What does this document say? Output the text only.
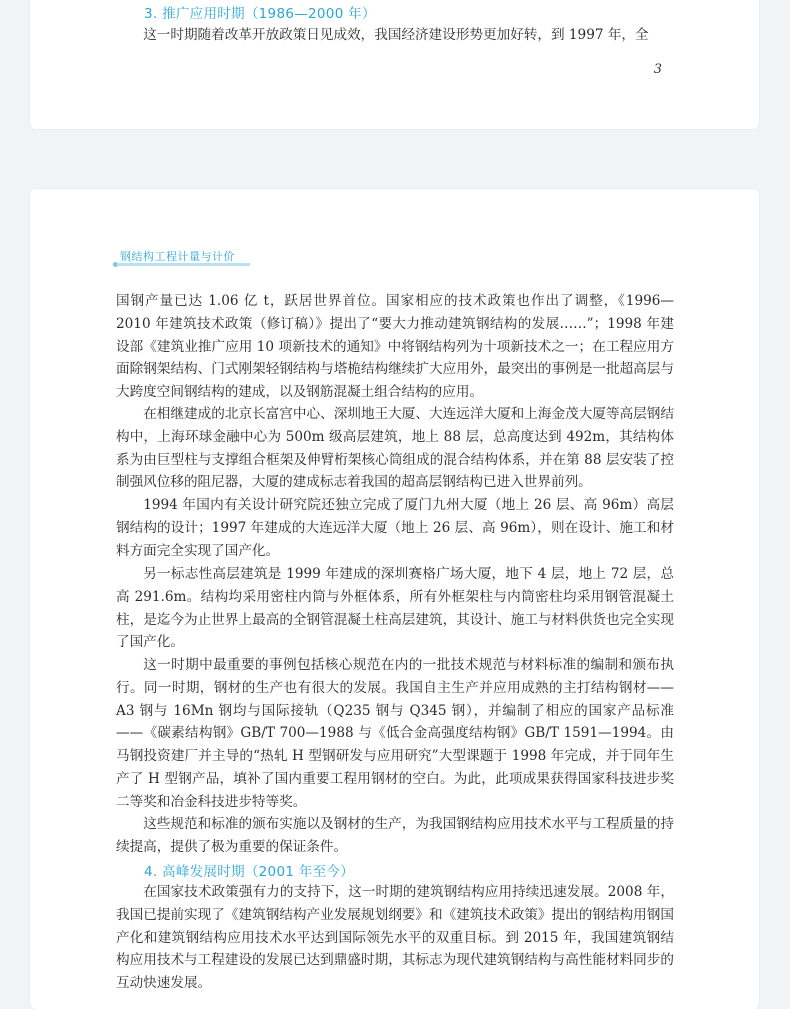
3. 推广应用时期（1986—2000 年）

这一时期随着改革开放政策日见成效，我国经济建设形势更加好转，到 1997 年，全

3
钢结构工程计量与计价

国钢产量已达 1.06 亿 t，跃居世界首位。国家相应的技术政策也作出了调整，《1996—2010 年建筑技术政策（修订稿）》提出了“要大力推动建筑钢结构的发展……”；1998 年建设部《建筑业推广应用 10 项新技术的通知》中将钢结构列为十项新技术之一；在工程应用方面除钢架结构、门式刚架轻钢结构与塔桅结构继续扩大应用外，最突出的事例是一批超高层与大跨度空间钢结构的建成，以及钢筋混凝土组合结构的应用。

在相继建成的北京长富宫中心、深圳地王大厦、大连远洋大厦和上海金茂大厦等高层钢结构中，上海环球金融中心为 500m 级高层建筑，地上 88 层，总高度达到 492m，其结构体系为由巨型柱与支撑组合框架及伸臂桁架核心筒组成的混合结构体系，并在第 88 层安装了控制强风位移的阻尼器，大厦的建成标志着我国的超高层钢结构已进入世界前列。

1994 年国内有关设计研究院还独立完成了厦门九州大厦（地上 26 层、高 96m）高层钢结构的设计；1997 年建成的大连远洋大厦（地上 26 层、高 96m），则在设计、施工和材料方面完全实现了国产化。

另一标志性高层建筑是 1999 年建成的深圳赛格广场大厦，地下 4 层，地上 72 层，总高 291.6m。结构均采用密柱内筒与外框体系，所有外框架柱与内筒密柱均采用钢管混凝土柱，是迄今为止世界上最高的全钢管混凝土柱高层建筑，其设计、施工与材料供货也完全实现了国产化。

这一时期中最重要的事例包括核心规范在内的一批技术规范与材料标准的编制和颁布执行。同一时期，钢材的生产也有很大的发展。我国自主生产并应用成熟的主打结构钢材——A3 钢与 16Mn 钢均与国际接轨（Q235 钢与 Q345 钢），并编制了相应的国家产品标准——《碳素结构钢》GB/T 700—1988 与《低合金高强度结构钢》GB/T 1591—1994。由马钢投资建厂并主导的“热轧 H 型钢研发与应用研究”大型课题于 1998 年完成，并于同年生产了 H 型钢产品，填补了国内重要工程用钢材的空白。为此，此项成果获得国家科技进步奖二等奖和冶金科技进步特等奖。

这些规范和标准的颁布实施以及钢材的生产，为我国钢结构应用技术水平与工程质量的持续提高，提供了极为重要的保证条件。

4. 高峰发展时期（2001 年至今）

在国家技术政策强有力的支持下，这一时期的建筑钢结构应用持续迅速发展。2008 年，我国已提前实现了《建筑钢结构产业发展规划纲要》和《建筑技术政策》提出的钢结构用钢国产化和建筑钢结构应用技术水平达到国际领先水平的双重目标。到 2015 年，我国建筑钢结构应用技术与工程建设的发展已达到鼎盛时期，其标志为现代建筑钢结构与高性能材料同步的互动快速发展。
